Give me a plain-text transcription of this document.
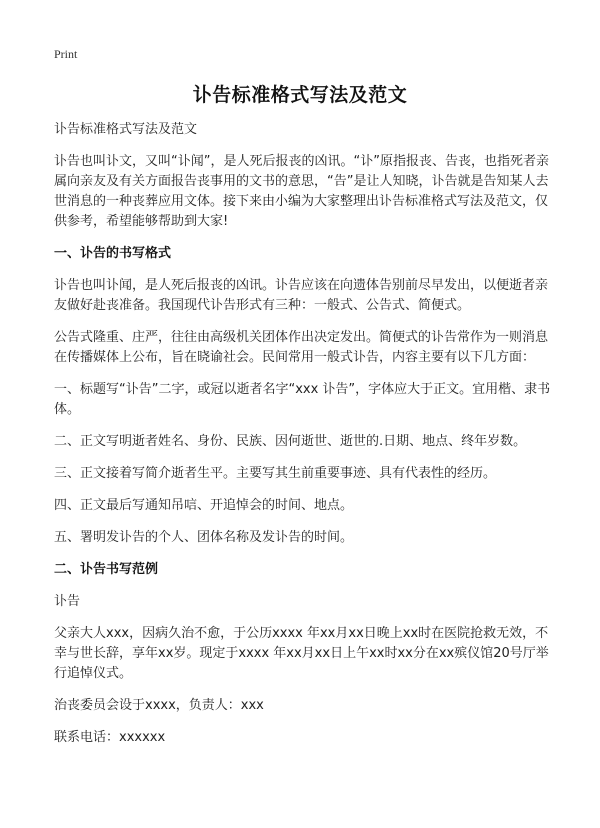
Print
讣告标准格式写法及范文

讣告标准格式写法及范文

讣告也叫讣文，又叫“讣闻”，是人死后报丧的凶讯。“讣”原指报丧、告丧，也指死者亲属向亲友及有关方面报告丧事用的文书的意思，“告”是让人知晓，讣告就是告知某人去世消息的一种丧葬应用文体。接下来由小编为大家整理出讣告标准格式写法及范文，仅供参考，希望能够帮助到大家!

一、讣告的书写格式

讣告也叫讣闻，是人死后报丧的凶讯。讣告应该在向遗体告别前尽早发出，以便逝者亲友做好赴丧准备。我国现代讣告形式有三种：一般式、公告式、简便式。

公告式隆重、庄严，往往由高级机关团体作出决定发出。简便式的讣告常作为一则消息在传播媒体上公布，旨在晓谕社会。民间常用一般式讣告，内容主要有以下几方面：

一、标题写“讣告”二字，或冠以逝者名字“xxx 讣告”，字体应大于正文。宜用楷、隶书体。

二、正文写明逝者姓名、身份、民族、因何逝世、逝世的.日期、地点、终年岁数。

三、正文接着写简介逝者生平。主要写其生前重要事迹、具有代表性的经历。

四、正文最后写通知吊唁、开追悼会的时间、地点。

五、署明发讣告的个人、团体名称及发讣告的时间。

二、讣告书写范例

讣告

父亲大人xxx，因病久治不愈，于公历xxxx 年xx月xx日晚上xx时在医院抢救无效，不幸与世长辞，享年xx岁。现定于xxxx 年xx月xx日上午xx时xx分在xx殡仪馆20号厅举行追悼仪式。

治丧委员会设于xxxx，负责人：xxx

联系电话：xxxxxx
